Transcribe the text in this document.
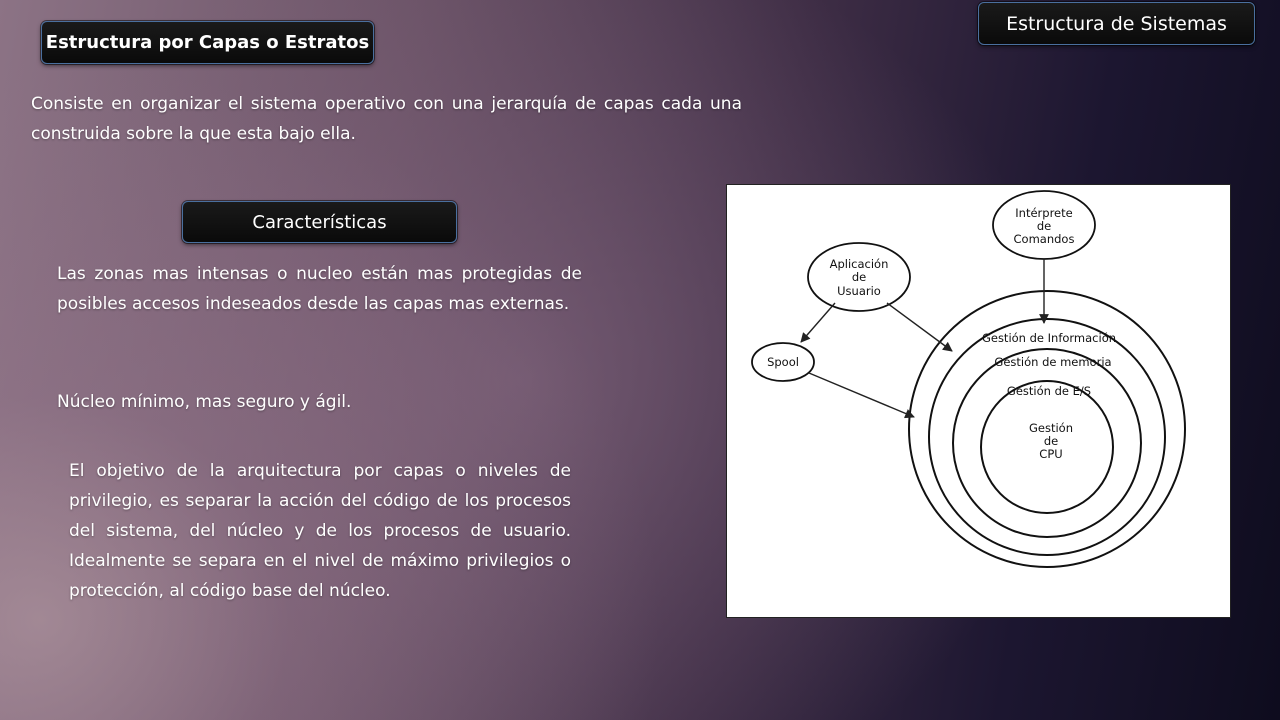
Estructura de Sistemas
Estructura por Capas o Estratos

Consiste en organizar el sistema operativo con una jerarquía de capas cada una construida sobre la que esta bajo ella.

Características

Las zonas mas intensas o nucleo están mas protegidas de posibles accesos indeseados desde las capas mas externas.

Núcleo mínimo, mas seguro y ágil.

El objetivo de la arquitectura por capas o niveles de privilegio, es separar la acción del código de los procesos del sistema, del núcleo y de los procesos de usuario. Idealmente se separa en el nivel de máximo privilegios o protección, al código base del núcleo.

Intérprete
de
Comandos
Aplicación
de
Usuario
Spool
Gestión de Información
Gestión de memoria
Gestión de E/S
Gestión
de
CPU
